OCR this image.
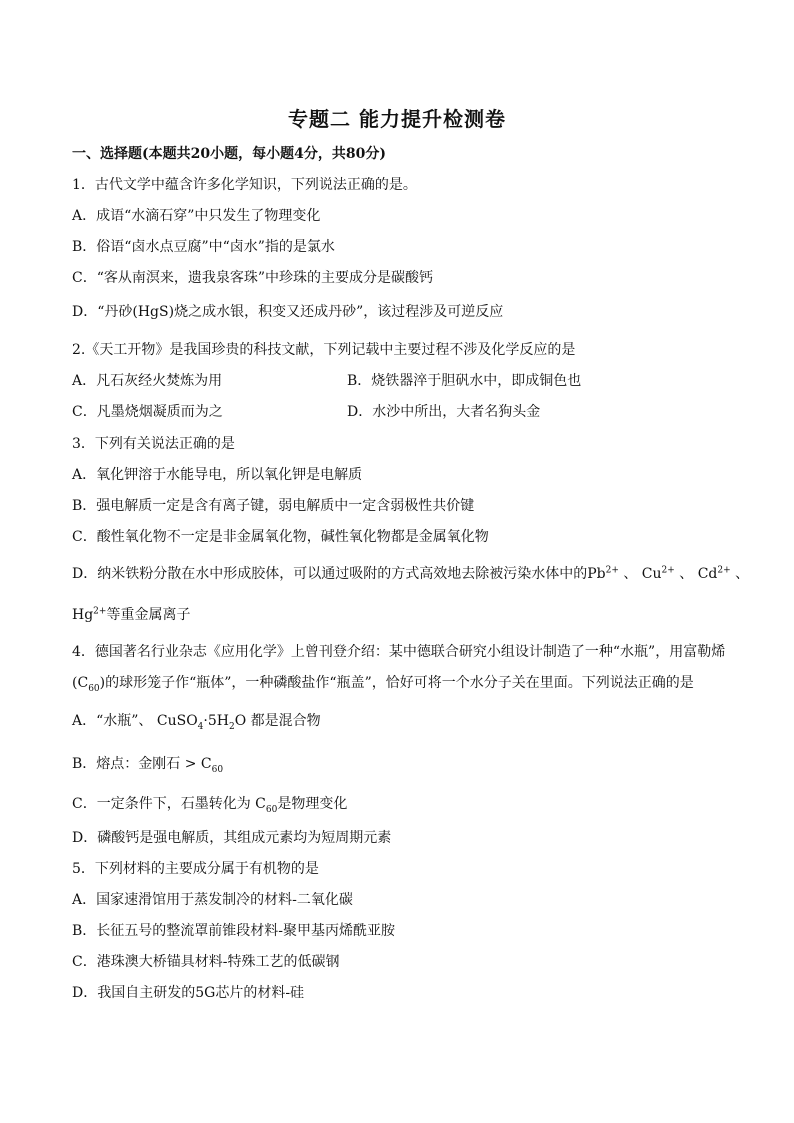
专题二 能力提升检测卷
一、选择题(本题共20小题，每小题4分，共80分)
1．古代文学中蕴含许多化学知识，下列说法正确的是。
A．成语“水滴石穿”中只发生了物理变化
B．俗语“卤水点豆腐”中“卤水”指的是氯水
C．“客从南溟来，遗我泉客珠”中珍珠的主要成分是碳酸钙
D．“丹砂(HgS)烧之成水银，积变又还成丹砂”，该过程涉及可逆反应
2.《天工开物》是我国珍贵的科技文献，下列记载中主要过程不涉及化学反应的是
A．凡石灰经火焚炼为用	B．烧铁器淬于胆矾水中，即成铜色也
C．凡墨烧烟凝质而为之	D．水沙中所出，大者名狗头金
3．下列有关说法正确的是
A．氧化钾溶于水能导电，所以氧化钾是电解质
B．强电解质一定是含有离子键，弱电解质中一定含弱极性共价键
C．酸性氧化物不一定是非金属氧化物，碱性氧化物都是金属氧化物
D．纳米铁粉分散在水中形成胶体，可以通过吸附的方式高效地去除被污染水体中的$Pb^{2+}$ 、 $Cu^{2+}$ 、 $Cd^{2+}$ 、
$Hg^{2+}$等重金属离子
4．德国著名行业杂志《应用化学》上曾刊登介绍：某中德联合研究小组设计制造了一种“水瓶”，用富勒烯
$(C_{60})$的球形笼子作“瓶体”，一种磷酸盐作“瓶盖”，恰好可将一个水分子关在里面。下列说法正确的是
A．“水瓶”、 $CuSO_4\cdot 5H_2O$ 都是混合物
B．熔点：金刚石 > $C_{60}$
C．一定条件下，石墨转化为 $C_{60}$是物理变化
D．磷酸钙是强电解质，其组成元素均为短周期元素
5．下列材料的主要成分属于有机物的是
A．国家速滑馆用于蒸发制冷的材料-二氧化碳
B．长征五号的整流罩前锥段材料-聚甲基丙烯酰亚胺
C．港珠澳大桥锚具材料-特殊工艺的低碳钢
D．我国自主研发的5G芯片的材料-硅
